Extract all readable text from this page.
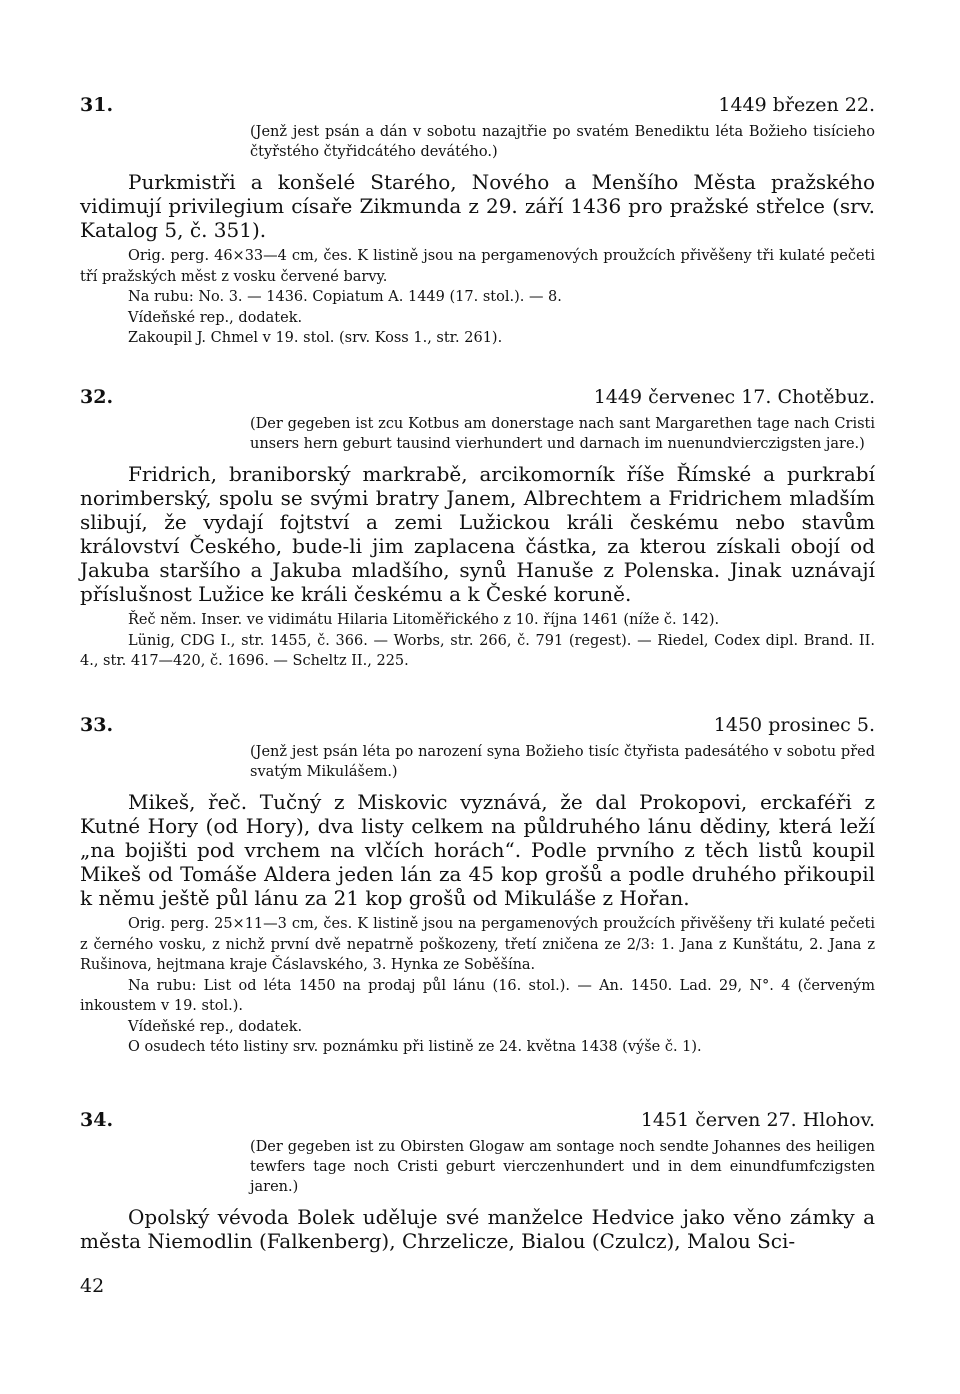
31.	1449 březen 22.
(Jenž jest psán a dán v sobotu nazajtřie po svatém Benediktu léta Božieho tisícieho čtyřstého čtyřidcátého devátého.)

Purkmistři a konšelé Starého, Nového a Menšího Města pražského vidimují privilegium císaře Zikmunda z 29. září 1436 pro pražské střelce (srv. Katalog 5, č. 351).

Orig. perg. 46×33—4 cm, čes. K listině jsou na pergamenových proužcích přivěšeny tři kulaté pečeti tří pražských měst z vosku červené barvy.

Na rubu: No. 3. — 1436. Copiatum A. 1449 (17. stol.). — 8.

Vídeňské rep., dodatek.

Zakoupil J. Chmel v 19. stol. (srv. Koss 1., str. 261).

32.	1449 červenec 17. Chotěbuz.
(Der gegeben ist zcu Kotbus am donerstage nach sant Margarethen tage nach Cristi unsers hern geburt tausind vierhundert und darnach im nuenundvierczigsten jare.)

Fridrich, braniborský markrabě, arcikomorník říše Římské a purkrabí norimberský, spolu se svými bratry Janem, Albrechtem a Fridrichem mladším slibují, že vydají fojtství a zemi Lužickou králi českému nebo stavům království Českého, bude-li jim zaplacena částka, za kterou získali obojí od Jakuba staršího a Jakuba mladšího, synů Hanuše z Polenska. Jinak uznávají příslušnost Lužice ke králi českému a k České koruně.

Řeč něm. Inser. ve vidimátu Hilaria Litoměřického z 10. října 1461 (níže č. 142).

Lünig, CDG I., str. 1455, č. 366. — Worbs, str. 266, č. 791 (regest). — Riedel, Codex dipl. Brand. II. 4., str. 417—420, č. 1696. — Scheltz II., 225.

33.	1450 prosinec 5.
(Jenž jest psán léta po narození syna Božieho tisíc čtyřista padesátého v sobotu před svatým Mikulášem.)

Mikeš, řeč. Tučný z Miskovic vyznává, že dal Prokopovi, erckaféři z Kutné Hory (od Hory), dva listy celkem na půldruhého lánu dědiny, která leží „na bojišti pod vrchem na vlčích horách“. Podle prvního z těch listů koupil Mikeš od Tomáše Aldera jeden lán za 45 kop grošů a podle druhého přikoupil k němu ještě půl lánu za 21 kop grošů od Mikuláše z Hořan.

Orig. perg. 25×11—3 cm, čes. K listině jsou na pergamenových proužcích přivěšeny tři kulaté pečeti z černého vosku, z nichž první dvě nepatrně poškozeny, třetí zničena ze 2/3: 1. Jana z Kunštátu, 2. Jana z Rušinova, hejtmana kraje Čáslavského, 3. Hynka ze Soběšína.

Na rubu: List od léta 1450 na prodaj půl lánu (16. stol.). — An. 1450. Lad. 29, N°. 4 (červeným inkoustem v 19. stol.).

Vídeňské rep., dodatek.

O osudech této listiny srv. poznámku při listině ze 24. května 1438 (výše č. 1).

34.	1451 červen 27. Hlohov.
(Der gegeben ist zu Obirsten Glogaw am sontage noch sendte Johannes des heiligen tewfers tage noch Cristi geburt vierczenhundert und in dem einundfumfczigsten jaren.)

Opolský vévoda Bolek uděluje své manželce Hedvice jako věno zámky a města Niemodlin (Falkenberg), Chrzelicze, Bialou (Czulcz), Malou Sci-

42
